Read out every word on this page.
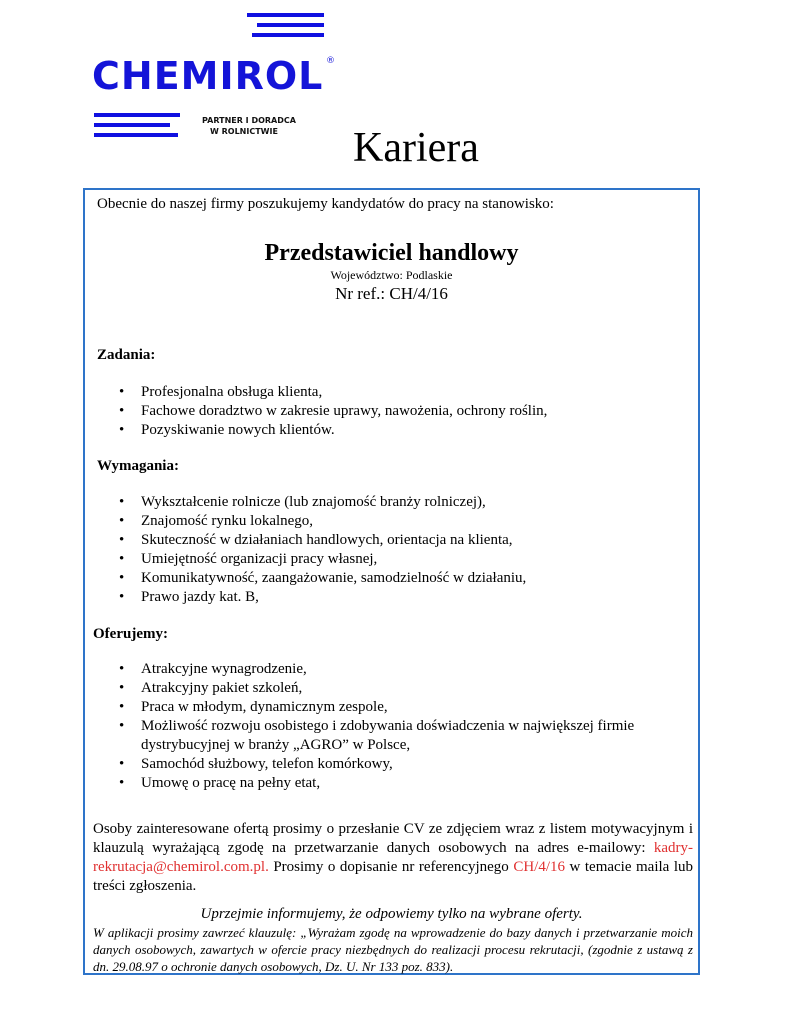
CHEMIROL ®
PARTNER I DORADCA
W ROLNICTWIE Kariera
Obecnie do naszej firmy poszukujemy kandydatów do pracy na stanowisko:
Przedstawiciel handlowy
Województwo: Podlaskie
Nr ref.: CH/4/16
Zadania:
• Profesjonalna obsługa klienta,
• Fachowe doradztwo w zakresie uprawy, nawożenia, ochrony roślin,
• Pozyskiwanie nowych klientów.
Wymagania:
• Wykształcenie rolnicze (lub znajomość branży rolniczej),
• Znajomość rynku lokalnego,
• Skuteczność w działaniach handlowych, orientacja na klienta,
• Umiejętność organizacji pracy własnej,
• Komunikatywność, zaangażowanie, samodzielność w działaniu,
• Prawo jazdy kat. B,
Oferujemy:
• Atrakcyjne wynagrodzenie,
• Atrakcyjny pakiet szkoleń,
• Praca w młodym, dynamicznym zespole,
• Możliwość rozwoju osobistego i zdobywania doświadczenia w największej firmie
dystrybucyjnej w branży „AGRO” w Polsce,
• Samochód służbowy, telefon komórkowy,
• Umowę o pracę na pełny etat,
Osoby zainteresowane ofertą prosimy o przesłanie CV ze zdjęciem wraz z listem motywacyjnym i klauzulą wyrażającą zgodę na przetwarzanie danych osobowych na adres e-mailowy: kadry-rekrutacja@chemirol.com.pl. Prosimy o dopisanie nr referencyjnego CH/4/16 w temacie maila lub treści zgłoszenia.
Uprzejmie informujemy, że odpowiemy tylko na wybrane oferty.
W aplikacji prosimy zawrzeć klauzulę: „Wyrażam zgodę na wprowadzenie do bazy danych i przetwarzanie moich danych osobowych, zawartych w ofercie pracy niezbędnych do realizacji procesu rekrutacji, (zgodnie z ustawą z dn. 29.08.97 o ochronie danych osobowych, Dz. U. Nr 133 poz. 833).
